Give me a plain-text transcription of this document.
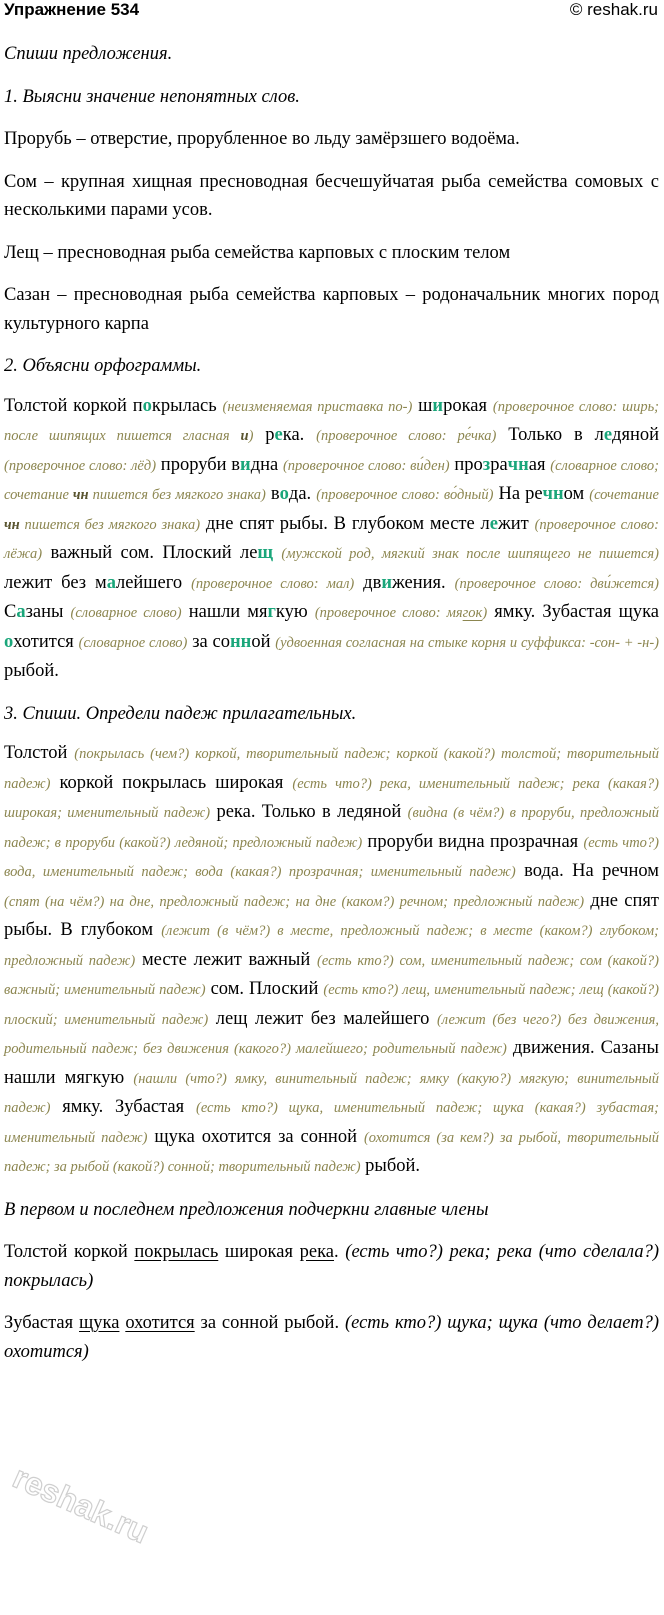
Упражнение 534	© reshak.ru

Спиши предложения.

1. Выясни значение непонятных слов.

Прорубь – отверстие, прорубленное во льду замёрзшего водоёма.

Сом – крупная хищная пресноводная бесчешуйчатая рыба семейства сомовых с несколькими парами усов.

Лещ – пресноводная рыба семейства карповых с плоским телом

Сазан – пресноводная рыба семейства карповых – родоначальник многих пород культурного карпа

2. Объясни орфограммы.

Толстой коркой покрылась (неизменяемая приставка по-) широкая (проверочное слово: ширь; после шипящих пишется гласная и) река. (проверочное слово: ре́чка) Только в ледяной (проверочное слово: лёд) проруби видна (проверочное слово: ви́ден) прозрачная (словарное слово; сочетание чн пишется без мягкого знака) вода. (проверочное слово: во́дный) На речном (сочетание чн пишется без мягкого знака) дне спят рыбы. В глубоком месте лежит (проверочное слово: лёжа) важный сом. Плоский лещ (мужской род, мягкий знак после шипящего не пишется) лежит без малейшего (проверочное слово: мал) движения. (проверочное слово: дви́жется) Сазаны (словарное слово) нашли мягкую (проверочное слово: мягок) ямку. Зубастая щука охотится (словарное слово) за сонной (удвоенная согласная на стыке корня и суффикса: -сон- + -н-) рыбой.

3. Спиши. Определи падеж прилагательных.

Толстой (покрылась (чем?) коркой, творительный падеж; коркой (какой?) толстой; творительный падеж) коркой покрылась широкая (есть что?) река, именительный падеж; река (какая?) широкая; именительный падеж) река. Только в ледяной (видна (в чём?) в проруби, предложный падеж; в проруби (какой?) ледяной; предложный падеж) проруби видна прозрачная (есть что?) вода, именительный падеж; вода (какая?) прозрачная; именительный падеж) вода. На речном (спят (на чём?) на дне, предложный падеж; на дне (каком?) речном; предложный падеж) дне спят рыбы. В глубоком (лежит (в чём?) в месте, предложный падеж; в месте (каком?) глубоком; предложный падеж) месте лежит важный (есть кто?) сом, именительный падеж; сом (какой?) важный; именительный падеж) сом. Плоский (есть кто?) лещ, именительный падеж; лещ (какой?) плоский; именительный падеж) лещ лежит без малейшего (лежит (без чего?) без движения, родительный падеж; без движения (какого?) малейшего; родительный падеж) движения. Сазаны нашли мягкую (нашли (что?) ямку, винительный падеж; ямку (какую?) мягкую; винительный падеж) ямку. Зубастая (есть кто?) щука, именительный падеж; щука (какая?) зубастая; именительный падеж) щука охотится за сонной (охотится (за кем?) за рыбой, творительный падеж; за рыбой (какой?) сонной; творительный падеж) рыбой.

В первом и последнем предложения подчеркни главные члены

Толстой коркой покрылась широкая река. (есть что?) река; река (что сделала?) покрылась)

Зубастая щука охотится за сонной рыбой. (есть кто?) щука; щука (что делает?) охотится)

reshak.ru
